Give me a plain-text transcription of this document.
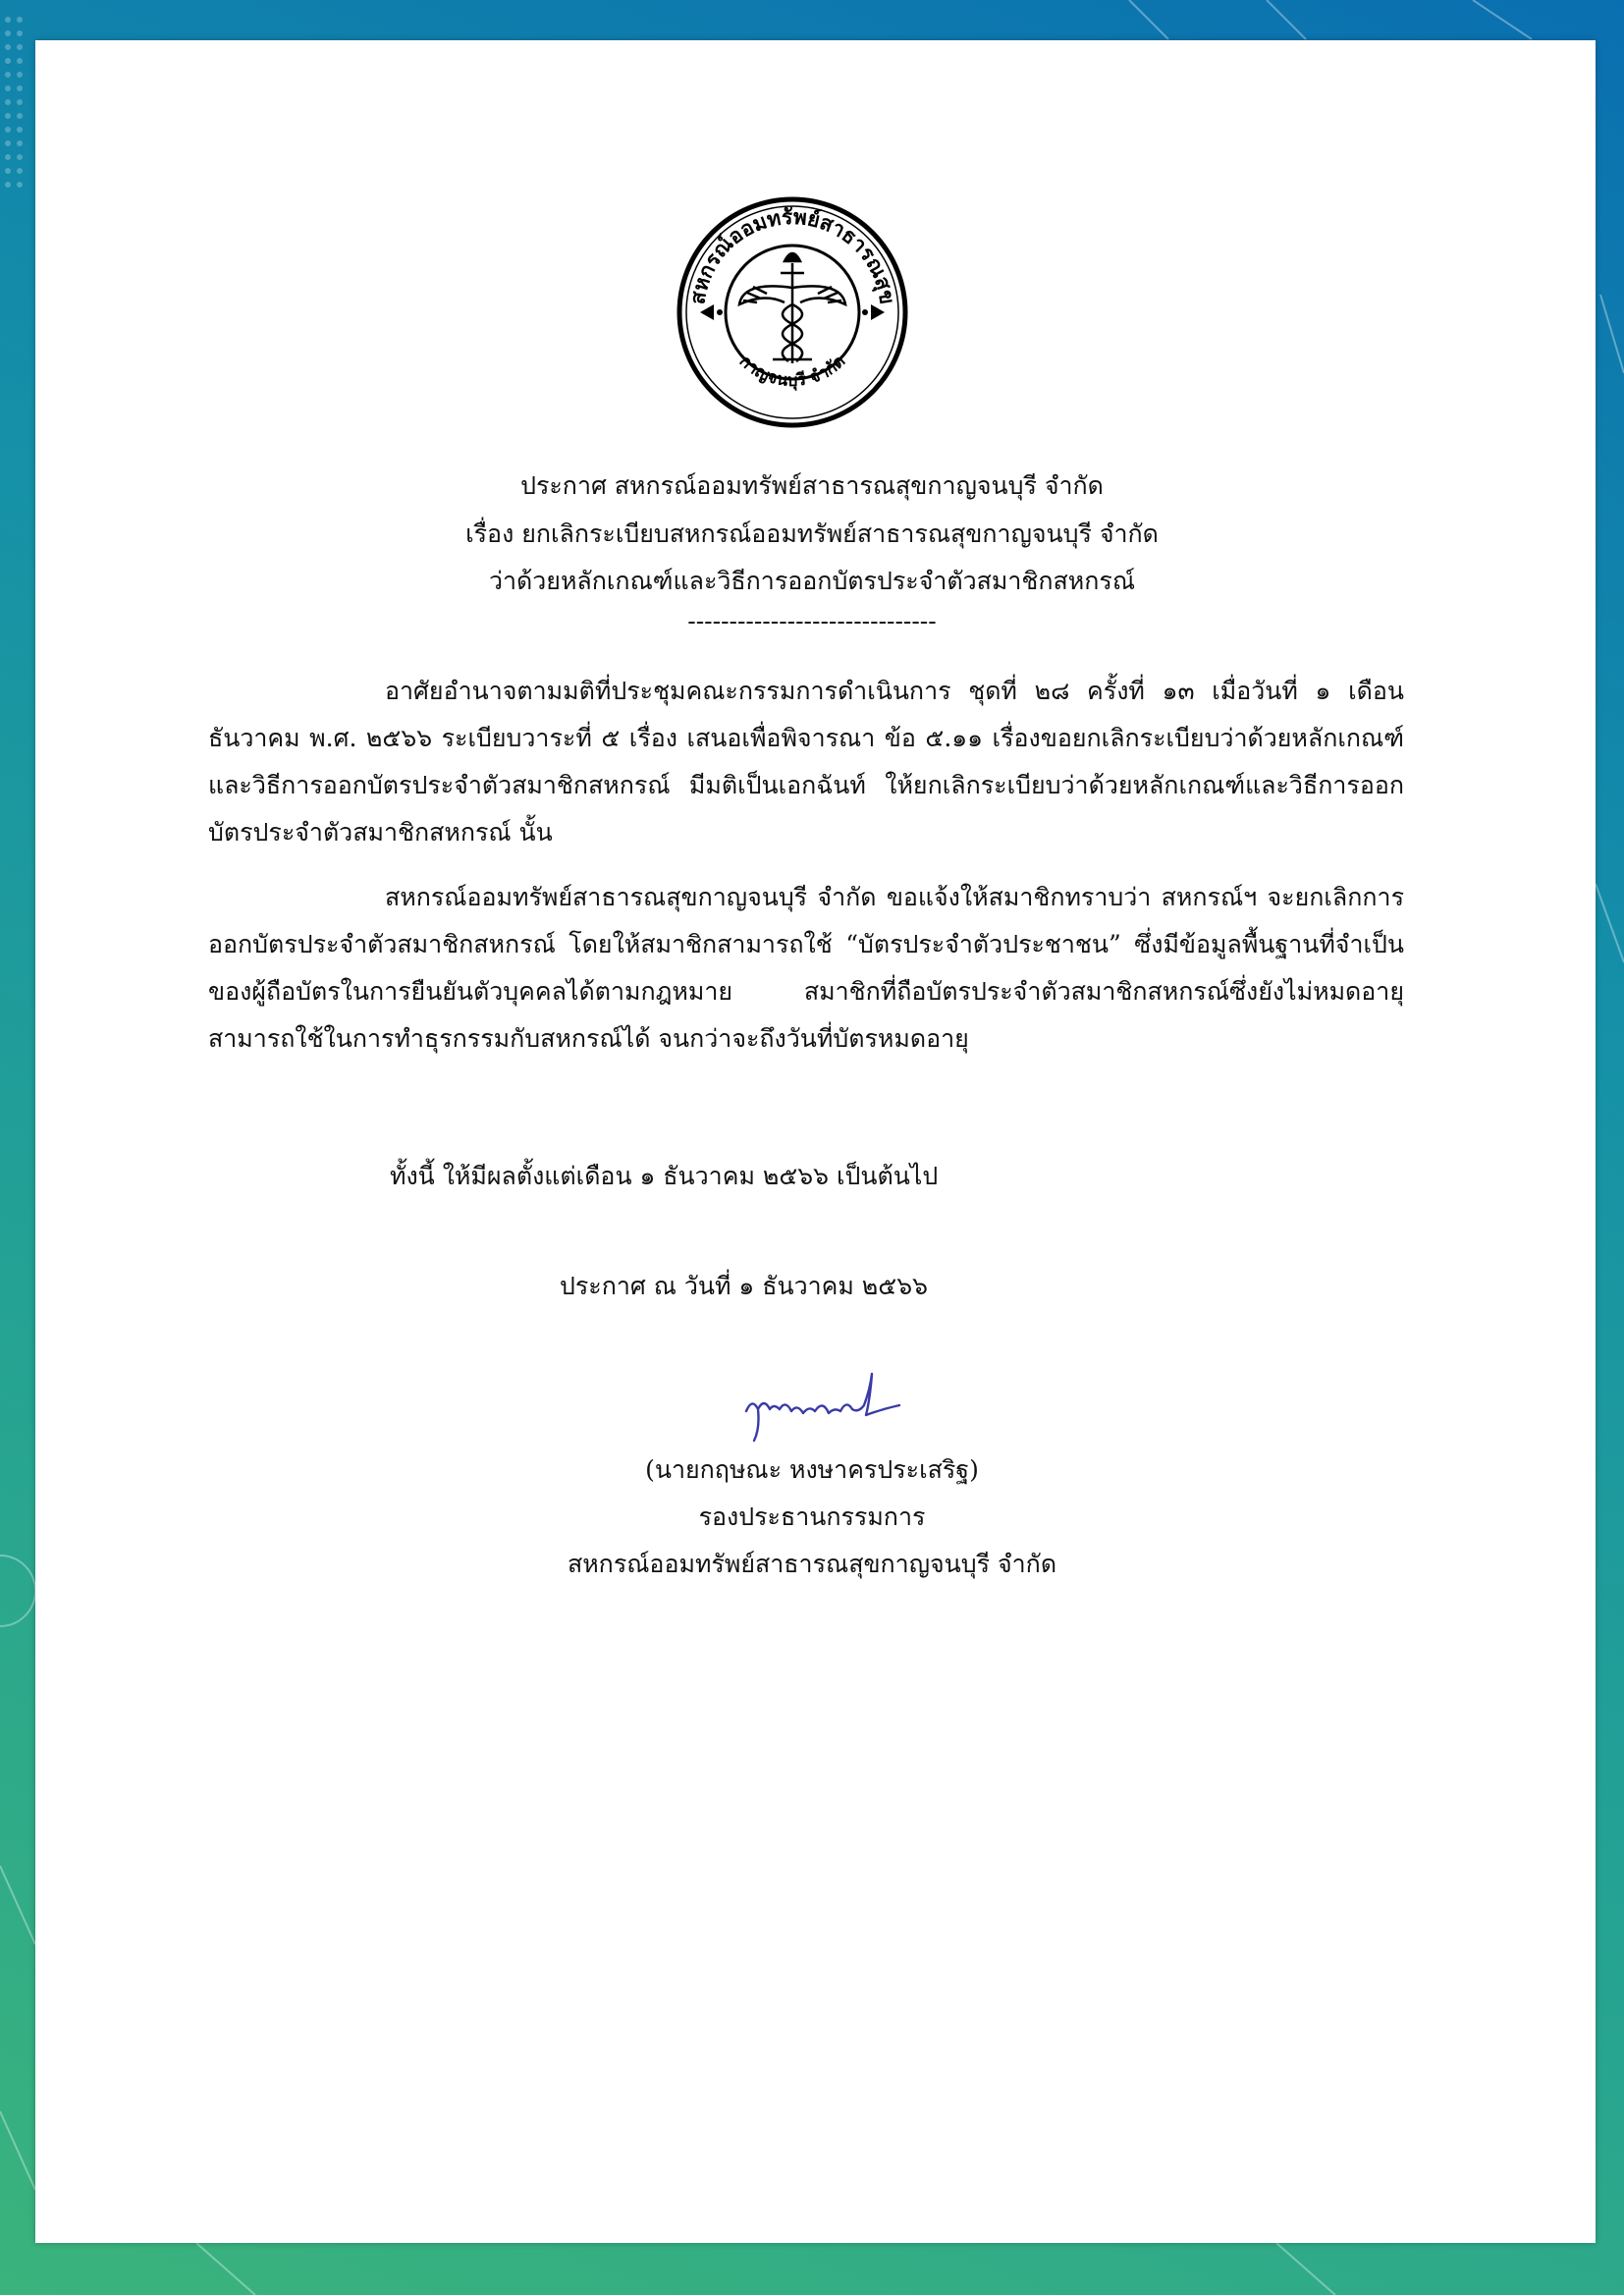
สหกรณ์ออมทรัพย์สาธารณสุข
กาญจนบุรี จำกัด
ประกาศ สหกรณ์ออมทรัพย์สาธารณสุขกาญจนบุรี จำกัด
เรื่อง ยกเลิกระเบียบสหกรณ์ออมทรัพย์สาธารณสุขกาญจนบุรี จำกัด
ว่าด้วยหลักเกณฑ์และวิธีการออกบัตรประจำตัวสมาชิกสหกรณ์
------------------------------
อาศัยอำนาจตามมติที่ประชุมคณะกรรมการดำเนินการ ชุดที่ ๒๘ ครั้งที่ ๑๓ เมื่อวันที่ ๑ เดือน ธันวาคม พ.ศ. ๒๕๖๖ ระเบียบวาระที่ ๕ เรื่อง เสนอเพื่อพิจารณา ข้อ ๕.๑๑ เรื่องขอยกเลิกระเบียบว่าด้วยหลักเกณฑ์และวิธีการออกบัตรประจำตัวสมาชิกสหกรณ์ มีมติเป็นเอกฉันท์ ให้ยกเลิกระเบียบว่าด้วยหลักเกณฑ์และวิธีการออกบัตรประจำตัวสมาชิกสหกรณ์ นั้น
สหกรณ์ออมทรัพย์สาธารณสุขกาญจนบุรี จำกัด ขอแจ้งให้สมาชิกทราบว่า สหกรณ์ฯ จะยกเลิกการออกบัตรประจำตัวสมาชิกสหกรณ์ โดยให้สมาชิกสามารถใช้ “บัตรประจำตัวประชาชน” ซึ่งมีข้อมูลพื้นฐานที่จำเป็นของผู้ถือบัตรในการยืนยันตัวบุคคลได้ตามกฎหมาย สมาชิกที่ถือบัตรประจำตัวสมาชิกสหกรณ์ซึ่งยังไม่หมดอายุ สามารถใช้ในการทำธุรกรรมกับสหกรณ์ได้ จนกว่าจะถึงวันที่บัตรหมดอายุ
ทั้งนี้ ให้มีผลตั้งแต่เดือน ๑ ธันวาคม ๒๕๖๖ เป็นต้นไป
ประกาศ ณ วันที่ ๑ ธันวาคม ๒๕๖๖
(นายกฤษณะ หงษาครประเสริฐ)
รองประธานกรรมการ
สหกรณ์ออมทรัพย์สาธารณสุขกาญจนบุรี จำกัด
